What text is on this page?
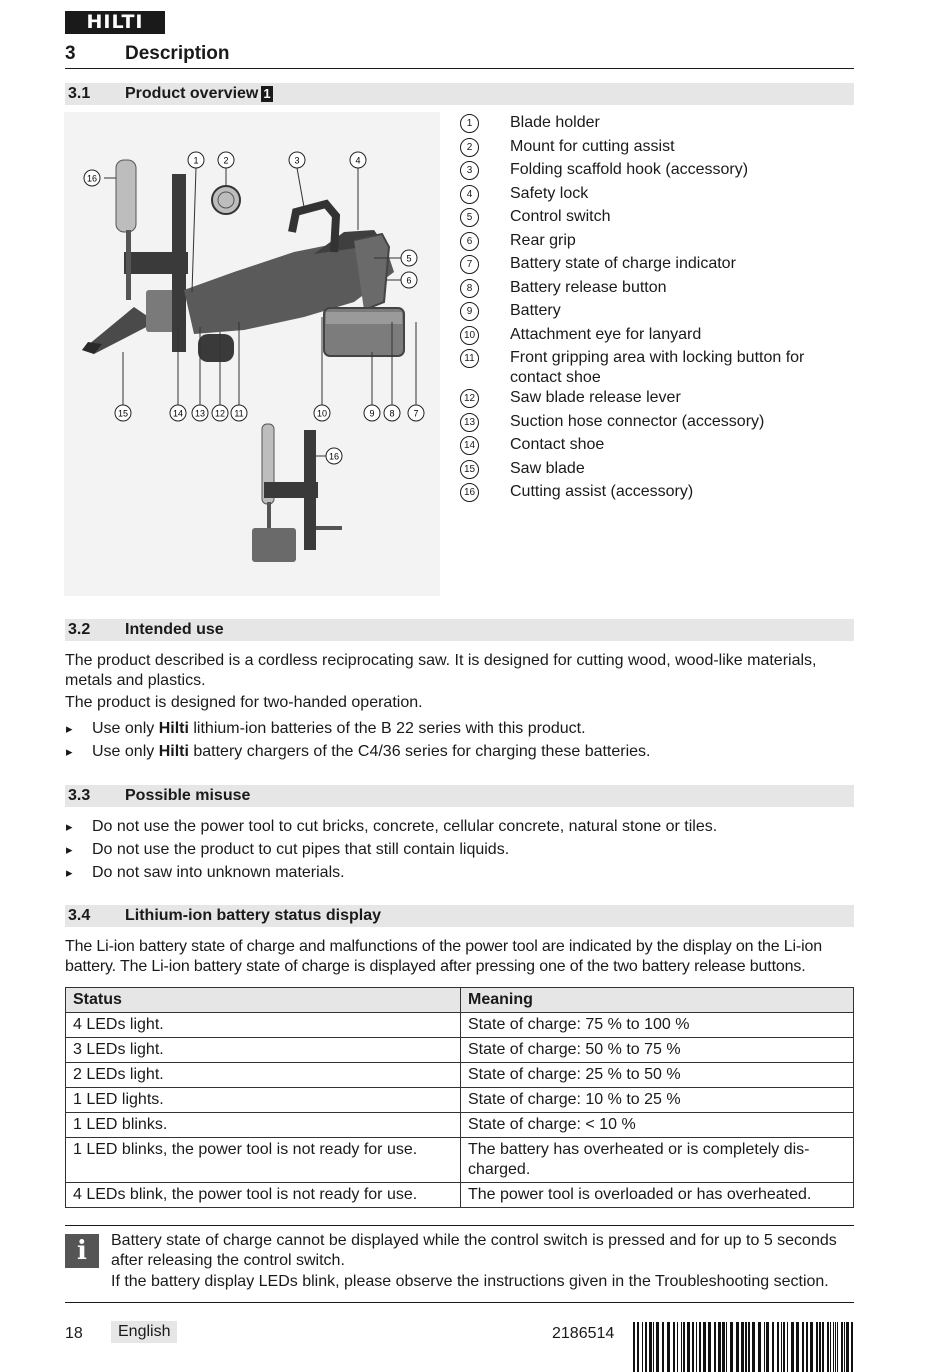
HILTI
3	Description
3.1 Product overview 1
1	2	3	4
5
6
7
8
9
10
11
12
13
14
15
16
16
1	Blade holder
2	Mount for cutting assist
3	Folding scaffold hook (accessory)
4	Safety lock
5	Control switch
6	Rear grip
7	Battery state of charge indicator
8	Battery release button
9	Battery
10 Attachment eye for lanyard
11 Front gripping area with locking button for contact shoe
12 Saw blade release lever
13 Suction hose connector (accessory)
14 Contact shoe
15 Saw blade
16 Cutting assist (accessory)
3.2 Intended use
The product described is a cordless reciprocating saw. It is designed for cutting wood, wood-like materials, metals and plastics.
The product is designed for two-handed operation.
▸ Use only Hilti lithium-ion batteries of the B 22 series with this product.
▸ Use only Hilti battery chargers of the C4/36 series for charging these batteries.
3.3 Possible misuse
▸ Do not use the power tool to cut bricks, concrete, cellular concrete, natural stone or tiles.
▸ Do not use the product to cut pipes that still contain liquids.
▸ Do not saw into unknown materials.
3.4 Lithium-ion battery status display
The Li-ion battery state of charge and malfunctions of the power tool are indicated by the display on the Li-ion battery. The Li-ion battery state of charge is displayed after pressing one of the two battery release buttons.
Status	Meaning
4 LEDs light.	State of charge: 75 % to 100 %
3 LEDs light.	State of charge: 50 % to 75 %
2 LEDs light.	State of charge: 25 % to 50 %
1 LED lights.	State of charge: 10 % to 25 %
1 LED blinks.	State of charge: < 10 %
1 LED blinks, the power tool is not ready for use.	The battery has overheated or is completely dis-charged.
4 LEDs blink, the power tool is not ready for use.	The power tool is overloaded or has overheated.
i	Battery state of charge cannot be displayed while the control switch is pressed and for up to 5 seconds after releasing the control switch.
If the battery display LEDs blink, please observe the instructions given in the Troubleshooting section.
18	English	2186514
